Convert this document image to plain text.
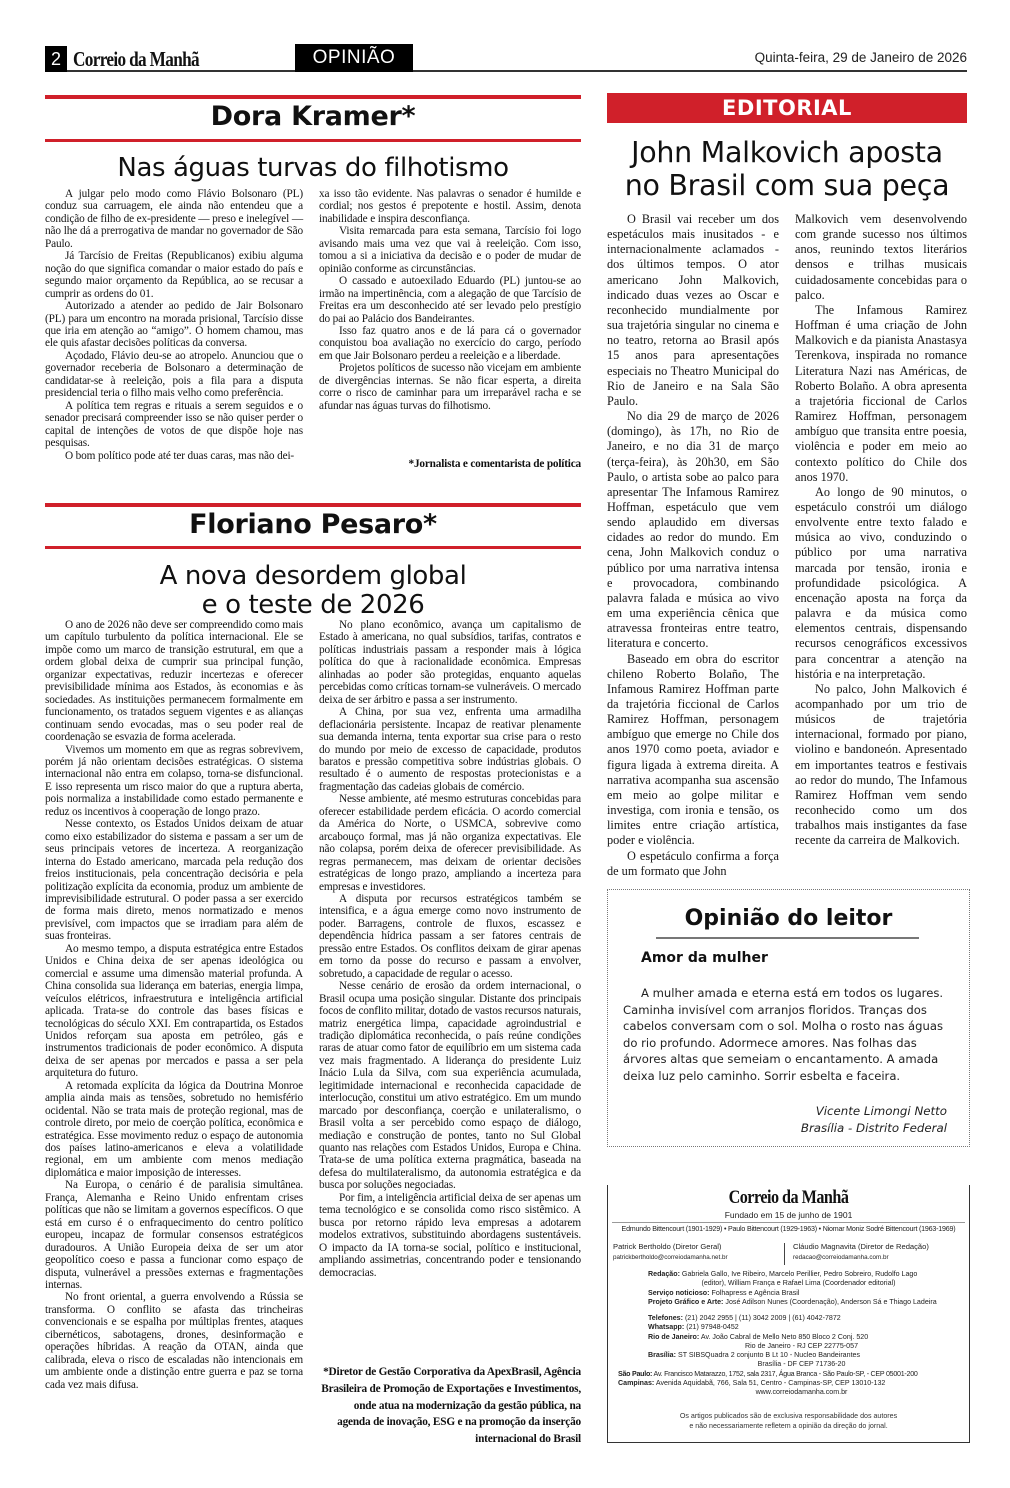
2 Correio da Manhã	OPINIÃO	Quinta-feira, 29 de Janeiro de 2026
Dora Kramer*
Nas águas turvas do filhotismo

A julgar pelo modo como Flávio Bolsonaro (PL) conduz sua carruagem, ele ainda não entendeu que a condição de filho de ex-presidente — preso e inelegível — não lhe dá a prerrogativa de mandar no governador de São Paulo.

Já Tarcísio de Freitas (Republicanos) exibiu alguma noção do que significa comandar o maior estado do país e segundo maior orçamento da República, ao se recusar a cumprir as ordens do 01.

Autorizado a atender ao pedido de Jair Bolsonaro (PL) para um encontro na morada prisional, Tarcísio disse que iria em atenção ao “amigo”. O homem chamou, mas ele quis afastar decisões políticas da conversa.

Açodado, Flávio deu-se ao atropelo. Anunciou que o governador receberia de Bolsonaro a determinação de candidatar-se à reeleição, pois a fila para a disputa presidencial teria o filho mais velho como preferência.

A política tem regras e rituais a serem seguidos e o senador precisará compreender isso se não quiser perder o capital de intenções de votos de que dispõe hoje nas pesquisas.

O bom político pode até ter duas caras, mas não dei-

xa isso tão evidente. Nas palavras o senador é humilde e cordial; nos gestos é prepotente e hostil. Assim, denota inabilidade e inspira desconfiança.

Visita remarcada para esta semana, Tarcísio foi logo avisando mais uma vez que vai à reeleição. Com isso, tomou a si a iniciativa da decisão e o poder de mudar de opinião conforme as circunstâncias.

O cassado e autoexilado Eduardo (PL) juntou-se ao irmão na impertinência, com a alegação de que Tarcísio de Freitas era um desconhecido até ser levado pelo prestígio do pai ao Palácio dos Bandeirantes.

Isso faz quatro anos e de lá para cá o governador conquistou boa avaliação no exercício do cargo, período em que Jair Bolsonaro perdeu a reeleição e a liberdade.

Projetos políticos de sucesso não vicejam em ambiente de divergências internas. Se não ficar esperta, a direita corre o risco de caminhar para um irreparável racha e se afundar nas águas turvas do filhotismo.

*Jornalista e comentarista de política
Floriano Pesaro*
A nova desordem global
e o teste de 2026

O ano de 2026 não deve ser compreendido como mais um capítulo turbulento da política internacional. Ele se impõe como um marco de transição estrutural, em que a ordem global deixa de cumprir sua principal função, organizar expectativas, reduzir incertezas e oferecer previsibilidade mínima aos Estados, às economias e às sociedades. As instituições permanecem formalmente em funcionamento, os tratados seguem vigentes e as alianças continuam sendo evocadas, mas o seu poder real de coordenação se esvazia de forma acelerada.

Vivemos um momento em que as regras sobrevivem, porém já não orientam decisões estratégicas. O sistema internacional não entra em colapso, torna-se disfuncional. E isso representa um risco maior do que a ruptura aberta, pois normaliza a instabilidade como estado permanente e reduz os incentivos à cooperação de longo prazo.

Nesse contexto, os Estados Unidos deixam de atuar como eixo estabilizador do sistema e passam a ser um de seus principais vetores de incerteza. A reorganização interna do Estado americano, marcada pela redução dos freios institucionais, pela concentração decisória e pela politização explícita da economia, produz um ambiente de imprevisibilidade estrutural. O poder passa a ser exercido de forma mais direto, menos normatizado e menos previsível, com impactos que se irradiam para além de suas fronteiras.

Ao mesmo tempo, a disputa estratégica entre Estados Unidos e China deixa de ser apenas ideológica ou comercial e assume uma dimensão material profunda. A China consolida sua liderança em baterias, energia limpa, veículos elétricos, infraestrutura e inteligência artificial aplicada. Trata-se do controle das bases físicas e tecnológicas do século XXI. Em contrapartida, os Estados Unidos reforçam sua aposta em petróleo, gás e instrumentos tradicionais de poder econômico. A disputa deixa de ser apenas por mercados e passa a ser pela arquitetura do futuro.

A retomada explícita da lógica da Doutrina Monroe amplia ainda mais as tensões, sobretudo no hemisfério ocidental. Não se trata mais de proteção regional, mas de controle direto, por meio de coerção política, econômica e estratégica. Esse movimento reduz o espaço de autonomia dos países latino-americanos e eleva a volatilidade regional, em um ambiente com menos mediação diplomática e maior imposição de interesses.

Na Europa, o cenário é de paralisia simultânea. França, Alemanha e Reino Unido enfrentam crises políticas que não se limitam a governos específicos. O que está em curso é o enfraquecimento do centro político europeu, incapaz de formular consensos estratégicos duradouros. A União Europeia deixa de ser um ator geopolítico coeso e passa a funcionar como espaço de disputa, vulnerável a pressões externas e fragmentações internas.

No front oriental, a guerra envolvendo a Rússia se transforma. O conflito se afasta das trincheiras convencionais e se espalha por múltiplas frentes, ataques cibernéticos, sabotagens, drones, desinformação e operações híbridas. A reação da OTAN, ainda que calibrada, eleva o risco de escaladas não intencionais em um ambiente onde a distinção entre guerra e paz se torna cada vez mais difusa.

No plano econômico, avança um capitalismo de Estado à americana, no qual subsídios, tarifas, contratos e políticas industriais passam a responder mais à lógica política do que à racionalidade econômica. Empresas alinhadas ao poder são protegidas, enquanto aquelas percebidas como críticas tornam-se vulneráveis. O mercado deixa de ser árbitro e passa a ser instrumento.

A China, por sua vez, enfrenta uma armadilha deflacionária persistente. Incapaz de reativar plenamente sua demanda interna, tenta exportar sua crise para o resto do mundo por meio de excesso de capacidade, produtos baratos e pressão competitiva sobre indústrias globais. O resultado é o aumento de respostas protecionistas e a fragmentação das cadeias globais de comércio.

Nesse ambiente, até mesmo estruturas concebidas para oferecer estabilidade perdem eficácia. O acordo comercial da América do Norte, o USMCA, sobrevive como arcabouço formal, mas já não organiza expectativas. Ele não colapsa, porém deixa de oferecer previsibilidade. As regras permanecem, mas deixam de orientar decisões estratégicas de longo prazo, ampliando a incerteza para empresas e investidores.

A disputa por recursos estratégicos também se intensifica, e a água emerge como novo instrumento de poder. Barragens, controle de fluxos, escassez e dependência hídrica passam a ser fatores centrais de pressão entre Estados. Os conflitos deixam de girar apenas em torno da posse do recurso e passam a envolver, sobretudo, a capacidade de regular o acesso.

Nesse cenário de erosão da ordem internacional, o Brasil ocupa uma posição singular. Distante dos principais focos de conflito militar, dotado de vastos recursos naturais, matriz energética limpa, capacidade agroindustrial e tradição diplomática reconhecida, o país reúne condições raras de atuar como fator de equilíbrio em um sistema cada vez mais fragmentado. A liderança do presidente Luiz Inácio Lula da Silva, com sua experiência acumulada, legitimidade internacional e reconhecida capacidade de interlocução, constitui um ativo estratégico. Em um mundo marcado por desconfiança, coerção e unilateralismo, o Brasil volta a ser percebido como espaço de diálogo, mediação e construção de pontes, tanto no Sul Global quanto nas relações com Estados Unidos, Europa e China. Trata-se de uma política externa pragmática, baseada na defesa do multilateralismo, da autonomia estratégica e da busca por soluções negociadas.

Por fim, a inteligência artificial deixa de ser apenas um tema tecnológico e se consolida como risco sistêmico. A busca por retorno rápido leva empresas a adotarem modelos extrativos, substituindo abordagens sustentáveis. O impacto da IA torna-se social, político e institucional, ampliando assimetrias, concentrando poder e tensionando democracias.

*Diretor de Gestão Corporativa da ApexBrasil, Agência Brasileira de Promoção de Exportações e Investimentos, onde atua na modernização da gestão pública, na agenda de inovação, ESG e na promoção da inserção internacional do Brasil
EDITORIAL
John Malkovich aposta
no Brasil com sua peça

O Brasil vai receber um dos espetáculos mais inusitados - e internacionalmente aclamados - dos últimos tempos. O ator americano John Malkovich, indicado duas vezes ao Oscar e reconhecido mundialmente por sua trajetória singular no cinema e no teatro, retorna ao Brasil após 15 anos para apresentações especiais no Theatro Municipal do Rio de Janeiro e na Sala São Paulo.

No dia 29 de março de 2026 (domingo), às 17h, no Rio de Janeiro, e no dia 31 de março (terça-feira), às 20h30, em São Paulo, o artista sobe ao palco para apresentar The Infamous Ramirez Hoffman, espetáculo que vem sendo aplaudido em diversas cidades ao redor do mundo. Em cena, John Malkovich conduz o público por uma narrativa intensa e provocadora, combinando palavra falada e música ao vivo em uma experiência cênica que atravessa fronteiras entre teatro, literatura e concerto.

Baseado em obra do escritor chileno Roberto Bolaño, The Infamous Ramirez Hoffman parte da trajetória ficcional de Carlos Ramirez Hoffman, personagem ambíguo que emerge no Chile dos anos 1970 como poeta, aviador e figura ligada à extrema direita. A narrativa acompanha sua ascensão em meio ao golpe militar e investiga, com ironia e tensão, os limites entre criação artística, poder e violência.

O espetáculo confirma a força de um formato que John

Malkovich vem desenvolvendo com grande sucesso nos últimos anos, reunindo textos literários densos e trilhas musicais cuidadosamente concebidas para o palco.

The Infamous Ramirez Hoffman é uma criação de John Malkovich e da pianista Anastasya Terenkova, inspirada no romance Literatura Nazi nas Américas, de Roberto Bolaño. A obra apresenta a trajetória ficcional de Carlos Ramirez Hoffman, personagem ambíguo que transita entre poesia, violência e poder em meio ao contexto político do Chile dos anos 1970.

Ao longo de 90 minutos, o espetáculo constrói um diálogo envolvente entre texto falado e música ao vivo, conduzindo o público por uma narrativa marcada por tensão, ironia e profundidade psicológica. A encenação aposta na força da palavra e da música como elementos centrais, dispensando recursos cenográficos excessivos para concentrar a atenção na história e na interpretação.

No palco, John Malkovich é acompanhado por um trio de músicos de trajetória internacional, formado por piano, violino e bandoneón. Apresentado em importantes teatros e festivais ao redor do mundo, The Infamous Ramirez Hoffman vem sendo reconhecido como um dos trabalhos mais instigantes da fase recente da carreira de Malkovich.

Opinião do leitor
Amor da mulher

A mulher amada e eterna está em todos os lugares. Caminha invisível com arranjos floridos. Tranças dos cabelos conversam com o sol. Molha o rosto nas águas do rio profundo. Adormece amores. Nas folhas das árvores altas que semeiam o encantamento. A amada deixa luz pelo caminho. Sorrir esbelta e faceira.

Vicente Limongi Netto
Brasília - Distrito Federal
Correio da Manhã
Fundado em 15 de junho de 1901
Edmundo Bittencourt (1901-1929) • Paulo Bittencourt (1929-1963) • Niomar Moniz Sodré Bittencourt (1963-1969)
Patrick Bertholdo (Diretor Geral)
patrickbertholdo@correiodamanha.net.br
Cláudio Magnavita (Diretor de Redação)
redacao@correiodamanha.com.br
Redação: Gabriela Gallo, Ive Ribeiro, Marcelo Perillier, Pedro Sobreiro, Rudolfo Lago
(editor), William França e Rafael Lima (Coordenador editorial)
Serviço noticioso: Folhapress e Agência Brasil
Projeto Gráfico e Arte: José Adilson Nunes (Coordenação), Anderson Sá e Thiago Ladeira
Telefones: (21) 2042 2955 | (11) 3042 2009 | (61) 4042-7872
Whatsapp: (21) 97948-0452
Rio de Janeiro: Av. João Cabral de Mello Neto 850 Bloco 2 Conj. 520
Rio de Janeiro - RJ CEP 22775-057
Brasília: ST SIBSQuadra 2 conjunto B Lt 10 - Nucleo Bandeirantes
Brasília - DF CEP 71736-20
São Paulo: Av. Francisco Matarazzo, 1752, sala 2317, Água Branca - São Paulo-SP, - CEP 05001-200
Campinas: Avenida Aquidabã, 766, Sala 51, Centro - Campinas-SP, CEP 13010-132
www.correiodamanha.com.br
Os artigos publicados são de exclusiva responsabilidade dos autores
e não necessariamente refletem a opinião da direção do jornal.
